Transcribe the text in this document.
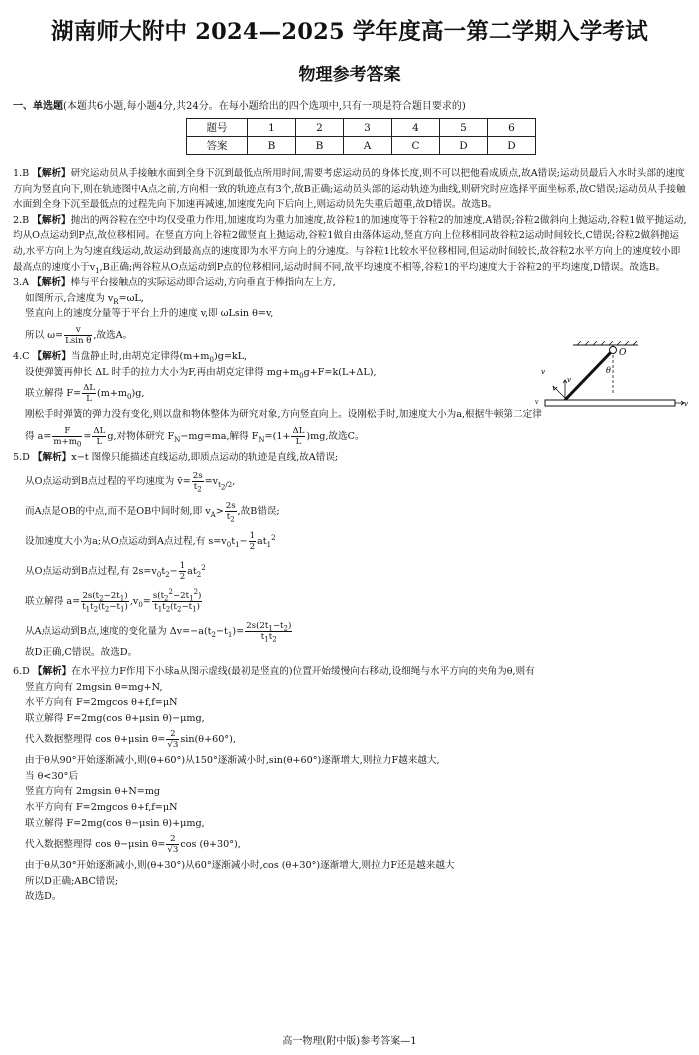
湖南师大附中 2024—2025 学年度高一第二学期入学考试
物理参考答案
一、单选题(本题共6小题,每小题4分,共24分。在每小题给出的四个选项中,只有一项是符合题目要求的)
题号	1	2	3	4	5	6
答案	B	B	A	C	D	D
1.B 【解析】研究运动员从手接触水面到全身下沉到最低点所用时间,需要考虑运动员的身体长度,则不可以把他看成质点,故A错误;运动员最后入水时头部的速度方向为竖直向下,则在轨迹图中A点之前,方向相一致的轨迹点有3个,故B正确;运动员头部的运动轨迹为曲线,则研究时应选择平面坐标系,故C错误;运动员从手接触水面到全身下沉至最低点的过程先向下加速再减速,加速度先向下后向上,则运动员先失重后超重,故D错误。故选B。
2.B 【解析】抛出的两谷粒在空中均仅受重力作用,加速度均为重力加速度,故谷粒1的加速度等于谷粒2的加速度,A错误;谷粒2做斜向上抛运动,谷粒1做平抛运动,均从O点运动到P点,故位移相同。在竖直方向上谷粒2做竖直上抛运动,谷粒1做自由落体运动,竖直方向上位移相同故谷粒2运动时间较长,C错误;谷粒2做斜抛运动,水平方向上为匀速直线运动,故运动到最高点的速度即为水平方向上的分速度。与谷粒1比较水平位移相同,但运动时间较长,故谷粒2水平方向上的速度较小即最高点的速度小于$v_1,B$正确;两谷粒从O点运动到P点的位移相同,运动时间不同,故平均速度不相等,谷粒1的平均速度大于谷粒2的平均速度,D错误。故选B。
3.A 【解析】棒与平台接触点的实际运动即合运动,方向垂直于棒指向左上方,
如图所示,合速度为 $v_R=\omega L$,
竖直向上的速度分量等于平台上升的速度 v,即 ωLsin θ=v,
所以 $\omega= \frac{v}{\text{Lsin θ}}$ ,故选A。
4.C 【解析】当盘静止时,由胡克定律得$(m+m_0)g=kL$,
设使弹簧再伸长 ΔL 时手的拉力大小为F,再由胡克定律得 $mg+m_0g+F=k(L+\Delta L)$,
联立解得 $F= \frac{\Delta L}{L} (m+m_0)g$,
刚松手时弹簧的弹力没有变化,则以盘和物体整体为研究对象,方向竖直向上。设刚松手时,加速度大小为a,根据牛顿第二定律
得 $a= \frac{F}{m+m_0} = \frac{\Delta L}{L} g$,对物体研究 $F_N-mg=ma$,解得 $F_N=(1+ \frac{\Delta L}{L} )mg$,故选C。
5.D 【解析】x−t 图像只能描述直线运动,即质点运动的轨迹是直线,故A错误;
从O点运动到B点过程的平均速度为 v̄= $\frac{2s}{t_2} =v_{t_2/2}$,
而A点是OB的中点,而不是OB中间时刻,即 $v_A> \frac{2s}{t_2}$ ,故B错误;
设加速度大小为a;从O点运动到A点过程,有 $s=v_0t_1- \frac{1}{2} at_1^2$
从O点运动到B点过程,有 $2s=v_0t_2- \frac{1}{2} at_2^2$
联立解得 $a= \frac{2s(t_2-2t_1)}{t_1t_2(t_2-t_1)} ,v_0= \frac{s(t_2^2-2t_1^2)}{t_1t_2(t_2-t_1)}$
从A点运动到B点,速度的变化量为 $\Delta v=-a(t_2-t_1)= \frac{2s(2t_1-t_2)}{t_1t_2}$
故D正确,C错误。故选D。
6.D 【解析】在水平拉力F作用下小球a从图示虚线(最初是竖直的)位置开始缓慢向右移动,设细绳与水平方向的夹角为θ,则有
竖直方向有 2mgsin θ=mg+N,
水平方向有 F=2mgcos θ+f,f=μN
联立解得 F=2mg(cos θ+μsin θ)−μmg,
代入数据整理得 cos θ+μsin $\theta= \frac{2}{√3} \sin(\theta+60^\circ)$,
由于θ从90°开始逐渐减小,则(θ+60°)从150°逐渐减小时,sin(θ+60°)逐渐增大,则拉力F越来越大,
当 θ<30°后
竖直方向有 2mgsin θ+N=mg
水平方向有 F=2mgcos θ+f,f=μN
联立解得 F=2mg(cos θ−μsin θ)+μmg,
代入数据整理得 cos θ−μsin $\theta= \frac{2}{√3}$ cos (θ+30°),
由于θ从30°开始逐渐减小,则(θ+30°)从60°逐渐减小时,cos (θ+30°)逐渐增大,则拉力F还是越来越大
所以D正确;ABC错误;
故选D。
O
θ
v
v
v
v
高一物理(附中版)参考答案—1
